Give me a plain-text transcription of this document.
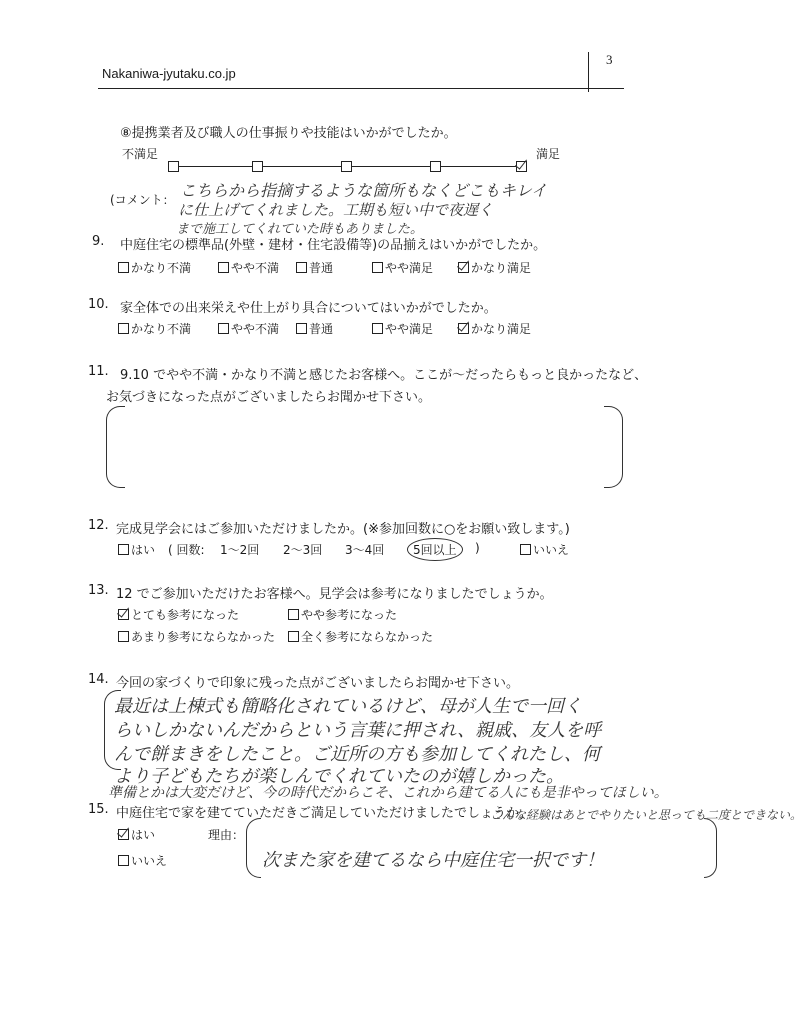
3
Nakaniwa-jyutaku.co.jp
⑧提携業者及び職人の仕事振りや技能はいかがでしたか。
不満足	満足
(コメント： こちらから指摘するような箇所もなくどこもキレイ
に仕上げてくれました。工期も短い中で夜遅く
まで施工してくれていた時もありました。
9. 中庭住宅の標準品(外壁・建材・住宅設備等)の品揃えはいかがでしたか。
かなり不満	やや不満 普通	やや満足	かなり満足
10. 家全体での出来栄えや仕上がり具合についてはいかがでしたか。
かなり不満	やや不満 普通	やや満足	かなり満足
11. 9.10 でやや不満・かなり不満と感じたお客様へ。ここが～だったらもっと良かったなど、
お気づきになった点がございましたらお聞かせ下さい。
12. 完成見学会にはご参加いただけましたか。(※参加回数に○をお願い致します。)
はい ( 回数: 1～2回 2～3回 3～4回	5回以上	)	いいえ
13. 12 でご参加いただけたお客様へ。見学会は参考になりましたでしょうか。
とても参考になった	やや参考になった
あまり参考にならなかった 全く参考にならなかった
14. 今回の家づくりで印象に残った点がございましたらお聞かせ下さい。
最近は上棟式も簡略化されているけど、母が人生で一回く
らいしかないんだからという言葉に押され、親戚、友人を呼
んで餅まきをしたこと。ご近所の方も参加してくれたし、何
より子どもたちが楽しんでくれていたのが嬉しかった。
準備とかは大変だけど、今の時代だからこそ、これから建てる人にも是非やってほしい。
こんな経験はあとでやりたいと思っても二度とできない。
15. 中庭住宅で家を建てていただきご満足していただけましたでしょうか。
はい
いいえ
理由：
次また家を建てるなら中庭住宅一択です！
